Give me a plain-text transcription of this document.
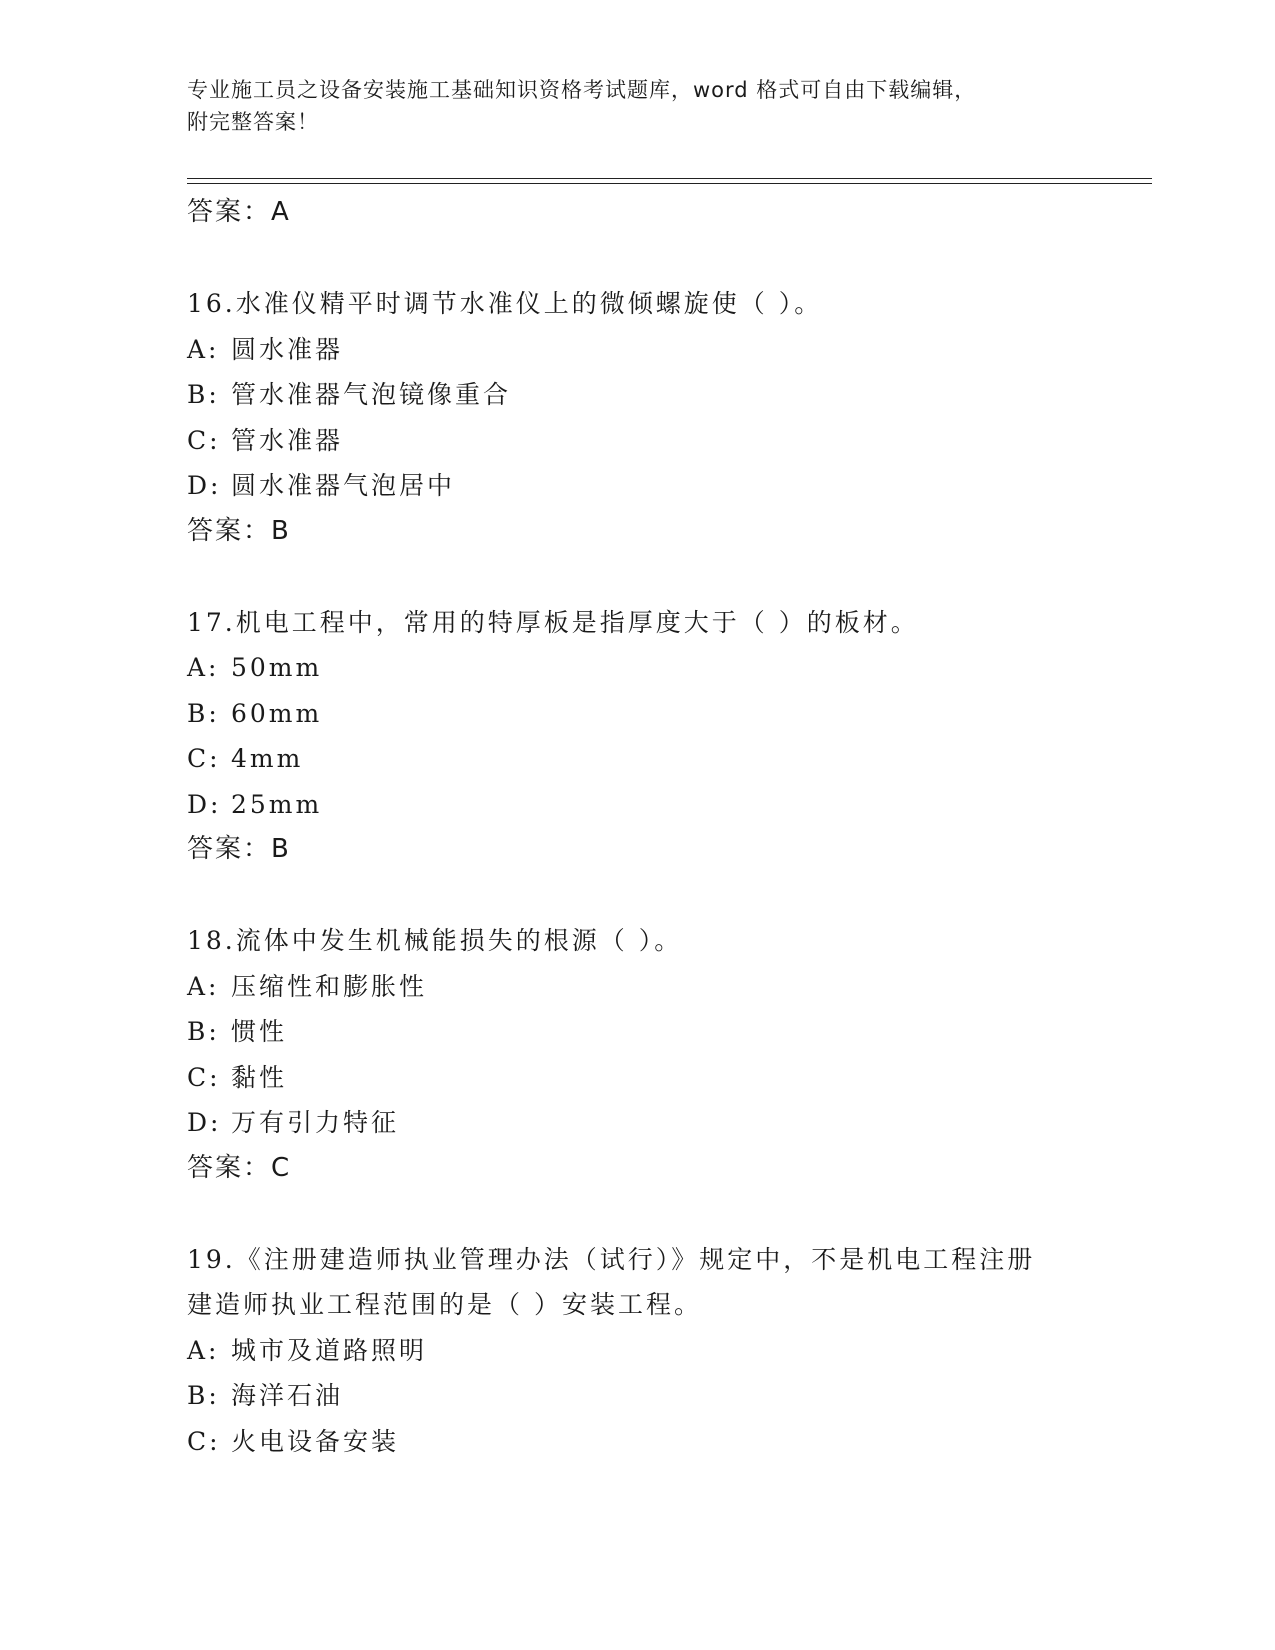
专业施工员之设备安装施工基础知识资格考试题库，word 格式可自由下载编辑，
附完整答案！
答案：A
16.水准仪精平时调节水准仪上的微倾螺旋使（ ）。
A: 圆水准器
B: 管水准器气泡镜像重合
C: 管水准器
D: 圆水准器气泡居中
答案：B
17.机电工程中，常用的特厚板是指厚度大于（ ）的板材。
A: 50mm
B: 60mm
C: 4mm
D: 25mm
答案：B
18.流体中发生机械能损失的根源（ ）。
A: 压缩性和膨胀性
B: 惯性
C: 黏性
D: 万有引力特征
答案：C
19.《注册建造师执业管理办法（试行）》规定中，不是机电工程注册
建造师执业工程范围的是（ ）安装工程。
A: 城市及道路照明
B: 海洋石油
C: 火电设备安装
